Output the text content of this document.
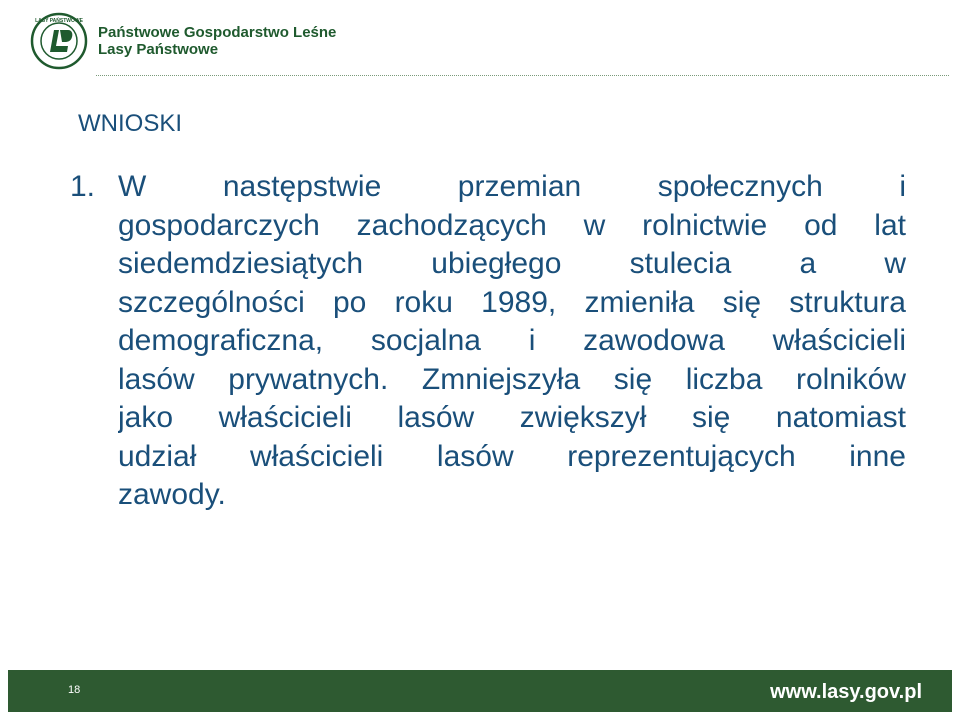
LASY PAŃSTWOWE
Państwowe Gospodarstwo Leśne
Lasy Państwowe
WNIOSKI
1. W następstwie przemian społecznych i
gospodarczych zachodzących w rolnictwie od lat
siedemdziesiątych ubiegłego stulecia a w
szczególności po roku 1989, zmieniła się struktura
demograficzna, socjalna i zawodowa właścicieli
lasów prywatnych. Zmniejszyła się liczba rolników
jako właścicieli lasów zwiększył się natomiast
udział właścicieli lasów reprezentujących inne
zawody.
18	www.lasy.gov.pl
